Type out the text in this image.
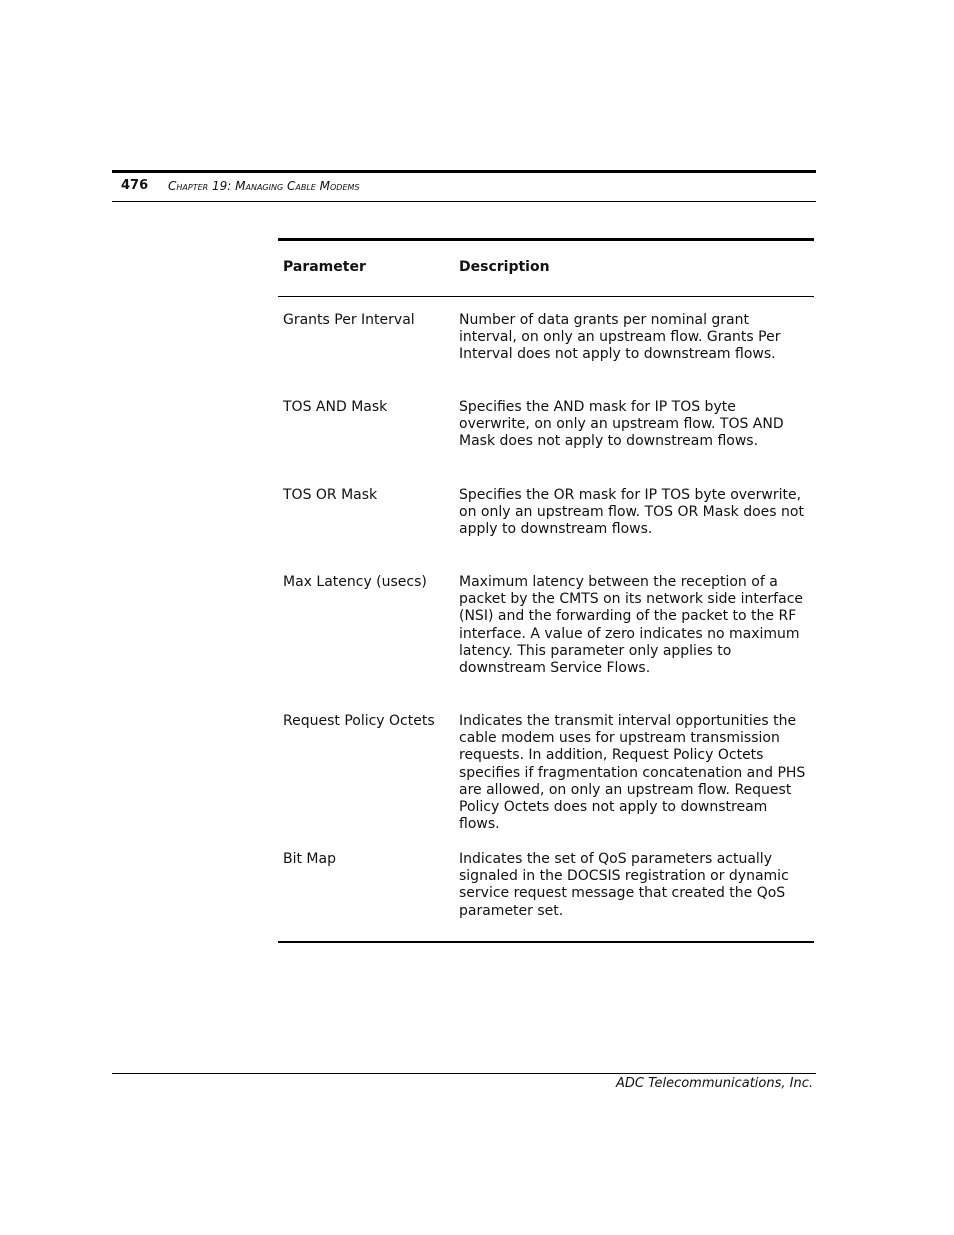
476 Chapter 19: Managing Cable Modems
Parameter	Description
Grants Per Interval	Number of data grants per nominal grant interval, on only an upstream flow. Grants Per Interval does not apply to downstream flows.
TOS AND Mask	Specifies the AND mask for IP TOS byte overwrite, on only an upstream flow. TOS AND Mask does not apply to downstream flows.
TOS OR Mask	Specifies the OR mask for IP TOS byte overwrite, on only an upstream flow. TOS OR Mask does not apply to downstream flows.
Max Latency (usecs)	Maximum latency between the reception of a packet by the CMTS on its network side interface (NSI) and the forwarding of the packet to the RF interface. A value of zero indicates no maximum latency. This parameter only applies to downstream Service Flows.
Request Policy Octets	Indicates the transmit interval opportunities the cable modem uses for upstream transmission requests. In addition, Request Policy Octets specifies if fragmentation concatenation and PHS are allowed, on only an upstream flow. Request Policy Octets does not apply to downstream flows.
Bit Map	Indicates the set of QoS parameters actually signaled in the DOCSIS registration or dynamic service request message that created the QoS parameter set.
ADC Telecommunications, Inc.
